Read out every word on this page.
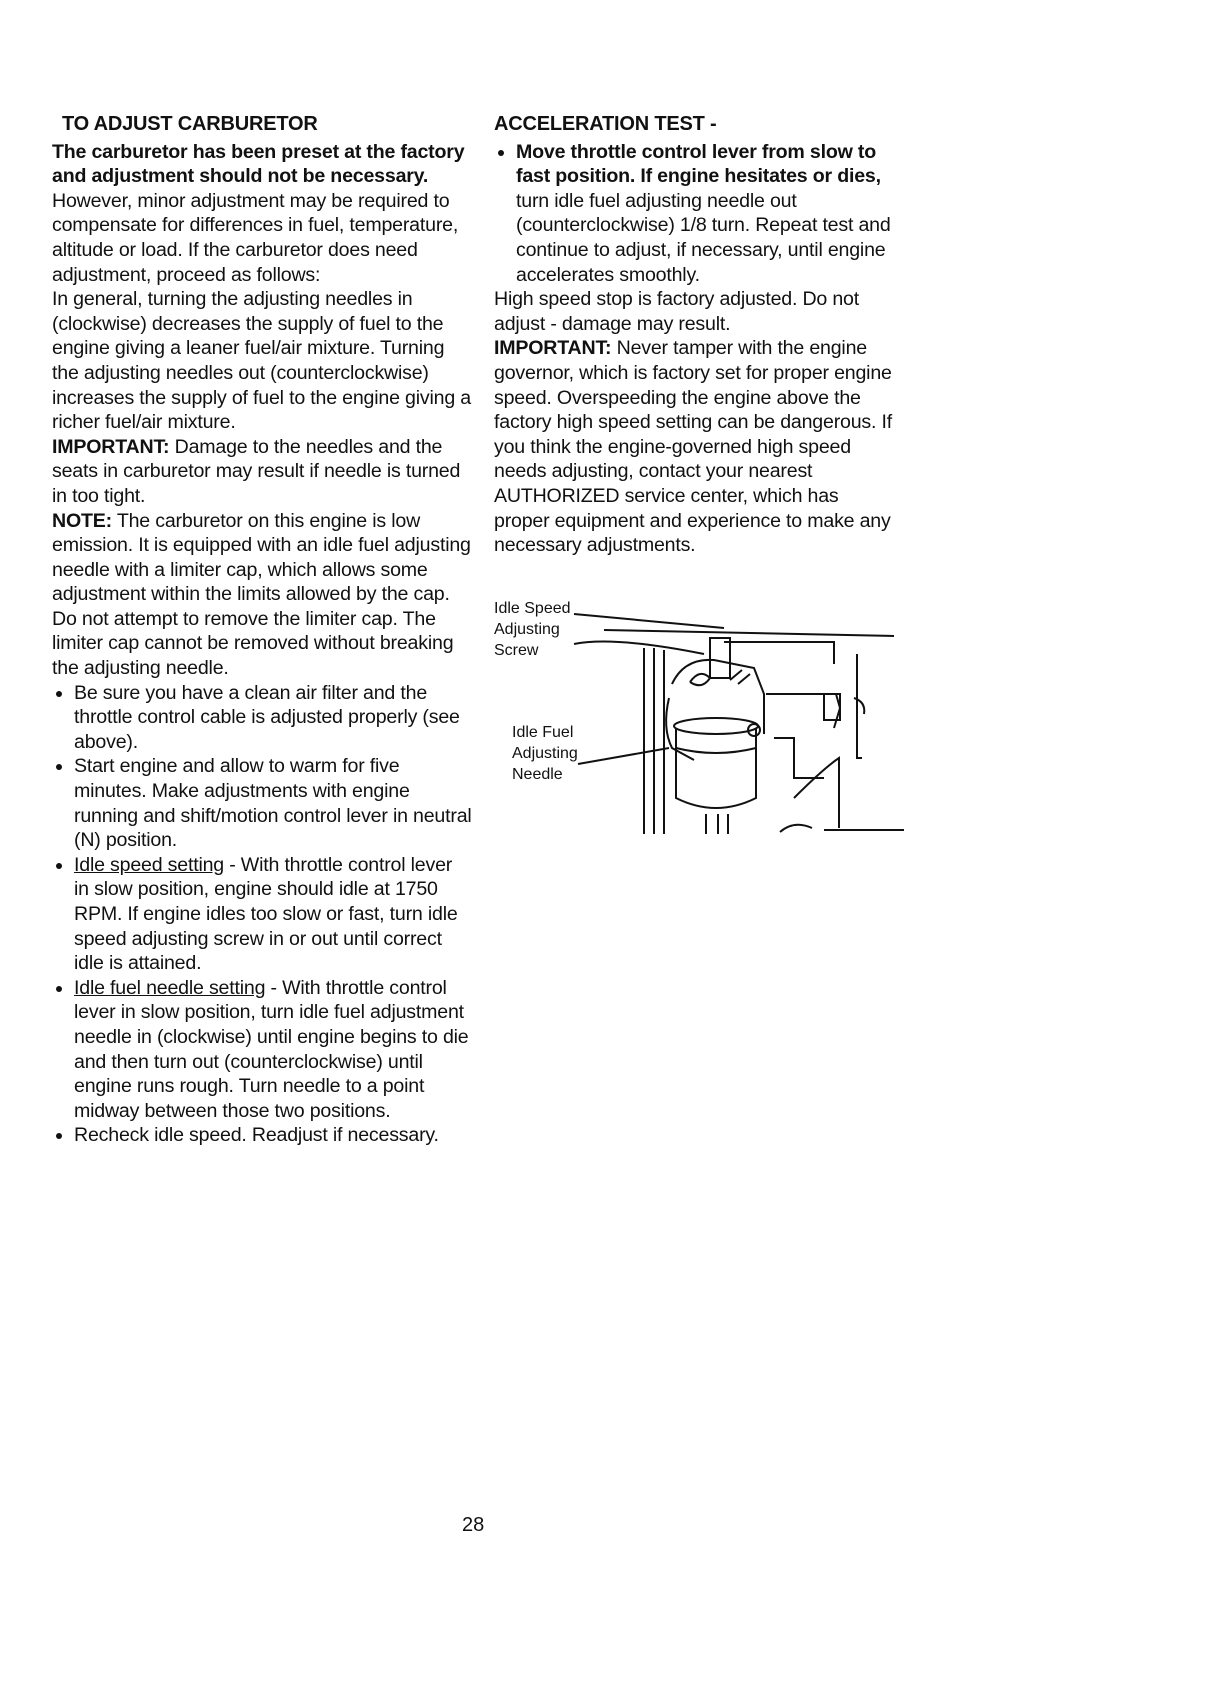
TO ADJUST CARBURETOR

The carburetor has been preset at the factory and adjustment should not be necessary. However, minor adjustment may be required to compensate for differences in fuel, temperature, altitude or load. If the carburetor does need adjustment, proceed as follows:

In general, turning the adjusting needles in (clockwise) decreases the supply of fuel to the engine giving a leaner fuel/air mixture. Turning the adjusting needles out (counterclockwise) increases the supply of fuel to the engine giving a richer fuel/air mixture.

IMPORTANT: Damage to the needles and the seats in carburetor may result if needle is turned in too tight.

NOTE: The carburetor on this engine is low emission. It is equipped with an idle fuel adjusting needle with a limiter cap, which allows some adjustment within the limits allowed by the cap. Do not attempt to remove the limiter cap. The limiter cap cannot be removed without breaking the adjusting needle.

Be sure you have a clean air filter and the throttle control cable is adjusted properly (see above).

Start engine and allow to warm for five minutes. Make adjustments with engine running and shift/motion control lever in neutral (N) position.

Idle speed setting - With throttle control lever in slow position, engine should idle at 1750 RPM. If engine idles too slow or fast, turn idle speed adjusting screw in or out until correct idle is attained.

Idle fuel needle setting - With throttle control lever in slow position, turn idle fuel adjustment needle in (clockwise) until engine begins to die and then turn out (counterclockwise) until engine runs rough. Turn needle to a point midway between those two positions.

Recheck idle speed. Readjust if necessary.

ACCELERATION TEST -

Move throttle control lever from slow to fast position. If engine hesitates or dies, turn idle fuel adjusting needle out (counterclockwise) 1/8 turn. Repeat test and continue to adjust, if necessary, until engine accelerates smoothly.

High speed stop is factory adjusted. Do not adjust - damage may result.

IMPORTANT: Never tamper with the engine governor, which is factory set for proper engine speed. Overspeeding the engine above the factory high speed setting can be dangerous. If you think the engine-governed high speed needs adjusting, contact your nearest AUTHORIZED service center, which has proper equipment and experience to make any necessary adjustments.

Idle Speed
Adjusting
Screw
Idle Fuel
Adjusting
Needle
28
